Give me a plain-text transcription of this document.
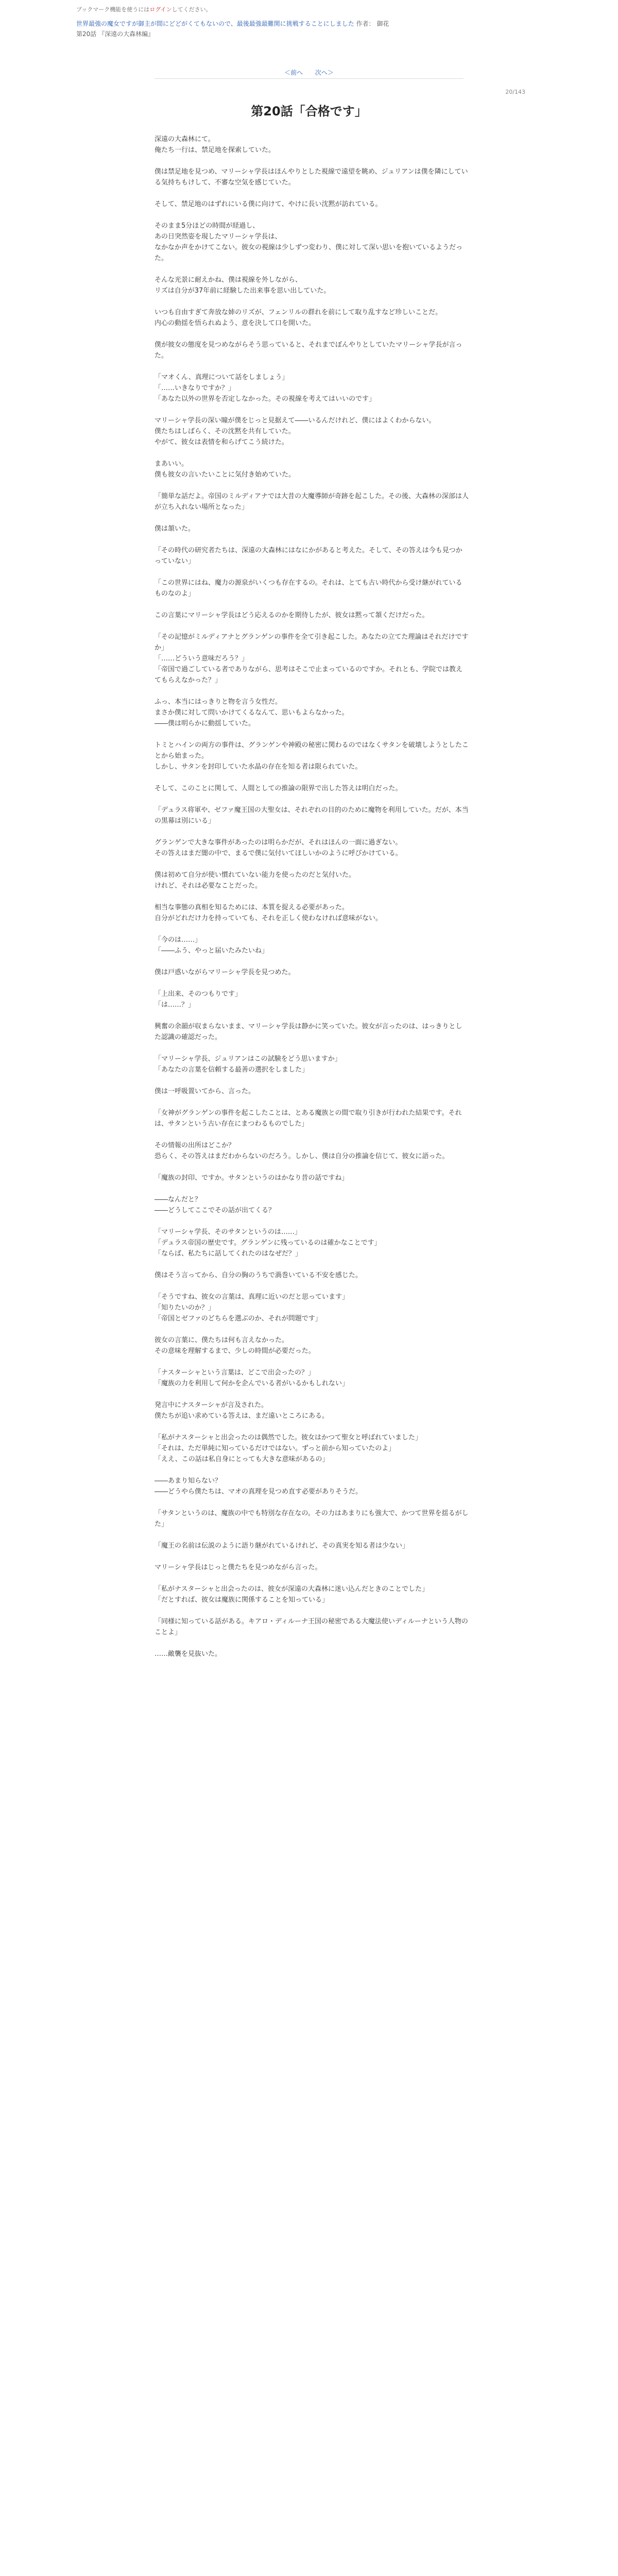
ブックマーク機能を使うにはログインしてください。
世界最強の魔女ですが御主が間にどどがくてもないので、最後最強最難関に挑戦することにしました 作者： 御花
第20話 『深遠の大森林編』
＜前へ 次へ＞
20/143
第20話「合格です」

深遠の大森林にて。

俺たち一行は、禁足地を探索していた。

僕は禁足地を見つめ、マリーシャ学長はほんやりとした視線で遠望を眺め、ジュリアンは僕を隣にしている気持ちもけして、不審な空気を感じていた。

そして、禁足地のはずれにいる僕に向けて、やけに長い沈黙が訪れている。

そのまま5分ほどの時間が経過し、

あの日突然姿を現したマリーシャ学長は、

なかなか声をかけてこない。彼女の視線は少しずつ変わり、僕に対して深い思いを抱いているようだった。

そんな光景に耐えかね、僕は視線を外しながら、

リズは自分が37年前に経験した出来事を思い出していた。

いつも自由すぎて奔放な姉のリズが、フェンリルの群れを前にして取り乱すなど珍しいことだ。

内心の動揺を悟られぬよう、意を決して口を開いた。

僕が彼女の態度を見つめながらそう思っていると、それまでぼんやりとしていたマリーシャ学長が言った。

「マオくん、真理について話をしましょう」

「……いきなりですか？」

「あなた以外の世界を否定しなかった。その視線を考えてはいいのです」

マリーシャ学長の深い瞳が僕をじっと見据えて――いるんだけれど、僕にはよくわからない。

僕たちはしばらく、その沈黙を共有していた。

やがて、彼女は表情を和らげてこう続けた。

まあいい。

僕も彼女の言いたいことに気付き始めていた。

「簡単な話だよ。帝国のミルディアナでは大昔の大魔導師が奇跡を起こした。その後、大森林の深部は人が立ち入れない場所となった」

僕は頷いた。

「その時代の研究者たちは、深遠の大森林にはなにかがあると考えた。そして、その答えは今も見つかっていない」

「この世界にはね、魔力の源泉がいくつも存在するの。それは、とても古い時代から受け継がれているものなのよ」

この言葉にマリーシャ学長はどう応えるのかを期待したが、彼女は黙って頷くだけだった。

「その記憶がミルディアナとグランゲンの事件を全て引き起こした。あなたの立てた理論はそれだけですか」

「……どういう意味だろう？」

「帝国で過ごしている者でありながら、思考はそこで止まっているのですか。それとも、学院では教えてもらえなかった？」

ふっ、本当にはっきりと物を言う女性だ。

まさか僕に対して問いかけてくるなんて、思いもよらなかった。

――僕は明らかに動揺していた。

トミとハインの両方の事件は、グランゲンや神殿の秘密に関わるのではなくサタンを破壊しようとしたことから始まった。

しかし、サタンを封印していた水晶の存在を知る者は限られていた。

そして、このことに関して、人間としての推論の限界で出した答えは明白だった。

「デュラス将軍や、ゼファ魔王国の大聖女は、それぞれの目的のために魔物を利用していた。だが、本当の黒幕は別にいる」

グランゲンで大きな事件があったのは明らかだが、それはほんの一面に過ぎない。

その答えはまだ闇の中で、まるで僕に気付いてほしいかのように呼びかけている。

僕は初めて自分が使い慣れていない能力を使ったのだと気付いた。

けれど、それは必要なことだった。

相当な事態の真相を知るためには、本質を捉える必要があった。

自分がどれだけ力を持っていても、それを正しく使わなければ意味がない。

「今のは……」

「――ふう、やっと届いたみたいね」

僕は戸惑いながらマリーシャ学長を見つめた。

「上出来、そのつもりです」

「は……？」

興奮の余韻が収まらないまま、マリーシャ学長は静かに笑っていた。彼女が言ったのは、はっきりとした認識の確認だった。

「マリーシャ学長、ジュリアンはこの試験をどう思いますか」

「あなたの言葉を信頼する最善の選択をしました」

僕は一呼吸置いてから、言った。

「女神がグランゲンの事件を起こしたことは、とある魔族との間で取り引きが行われた結果です。それは、サタンという古い存在にまつわるものでした」

その情報の出所はどこか？

恐らく、その答えはまだわからないのだろう。しかし、僕は自分の推論を信じて、彼女に語った。

「魔族の封印、ですか。サタンというのはかなり昔の話ですね」

――なんだと？

――どうしてここでその話が出てくる？

「マリーシャ学長、そのサタンというのは……」

「デュラス帝国の歴史です。グランゲンに残っているのは確かなことです」

「ならば、私たちに話してくれたのはなぜだ？」

僕はそう言ってから、自分の胸のうちで渦巻いている不安を感じた。

「そうですね、彼女の言葉は、真理に近いのだと思っています」

「知りたいのか？」

「帝国とゼファのどちらを選ぶのか、それが問題です」

彼女の言葉に、僕たちは何も言えなかった。

その意味を理解するまで、少しの時間が必要だった。

「ナスターシャという言葉は、どこで出会ったの？」

「魔族の力を利用して何かを企んでいる者がいるかもしれない」

発言中にナスターシャが言及された。

僕たちが追い求めている答えは、まだ遠いところにある。

「私がナスターシャと出会ったのは偶然でした。彼女はかつて聖女と呼ばれていました」

「それは、ただ単純に知っているだけではない。ずっと前から知っていたのよ」

「ええ、この話は私自身にとっても大きな意味があるの」

――あまり知らない？

――どうやら僕たちは、マオの真理を見つめ直す必要がありそうだ。

「サタンというのは、魔族の中でも特別な存在なの。その力はあまりにも強大で、かつて世界を揺るがした」

「魔王の名前は伝説のように語り継がれているけれど、その真実を知る者は少ない」

マリーシャ学長はじっと僕たちを見つめながら言った。

「私がナスターシャと出会ったのは、彼女が深遠の大森林に迷い込んだときのことでした」

「だとすれば、彼女は魔族に関係することを知っている」

「同様に知っている話がある。キアロ・ディルーナ王国の秘密である大魔法使いディルーナという人物のことよ」

……敵襲を見抜いた。
